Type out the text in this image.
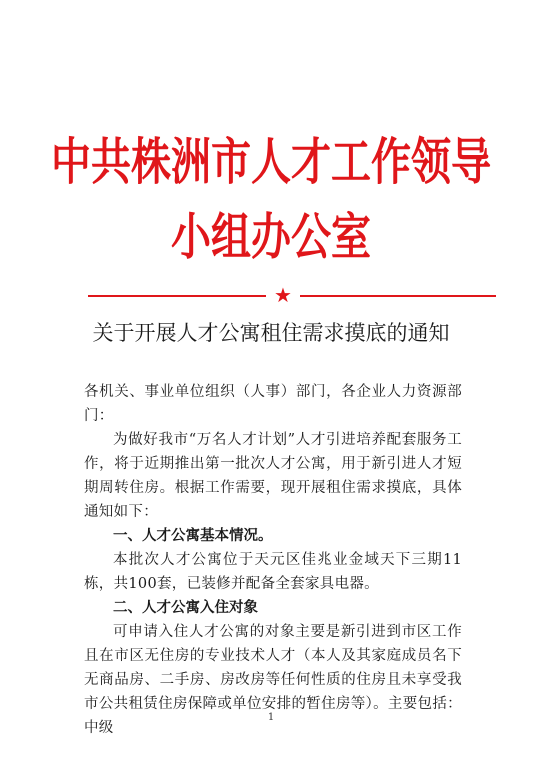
中共株洲市人才工作领导小组办公室
★
关于开展人才公寓租住需求摸底的通知

各机关、事业单位组织（人事）部门，各企业人力资源部门：

为做好我市“万名人才计划”人才引进培养配套服务工作，将于近期推出第一批次人才公寓，用于新引进人才短期周转住房。根据工作需要，现开展租住需求摸底，具体通知如下：

一、人才公寓基本情况。

本批次人才公寓位于天元区佳兆业金域天下三期11栋，共100套，已装修并配备全套家具电器。

二、人才公寓入住对象

可申请入住人才公寓的对象主要是新引进到市区工作且在市区无住房的专业技术人才（本人及其家庭成员名下无商品房、二手房、房改房等任何性质的住房且未享受我市公共租赁住房保障或单位安排的暂住房等）。主要包括：中级

1
